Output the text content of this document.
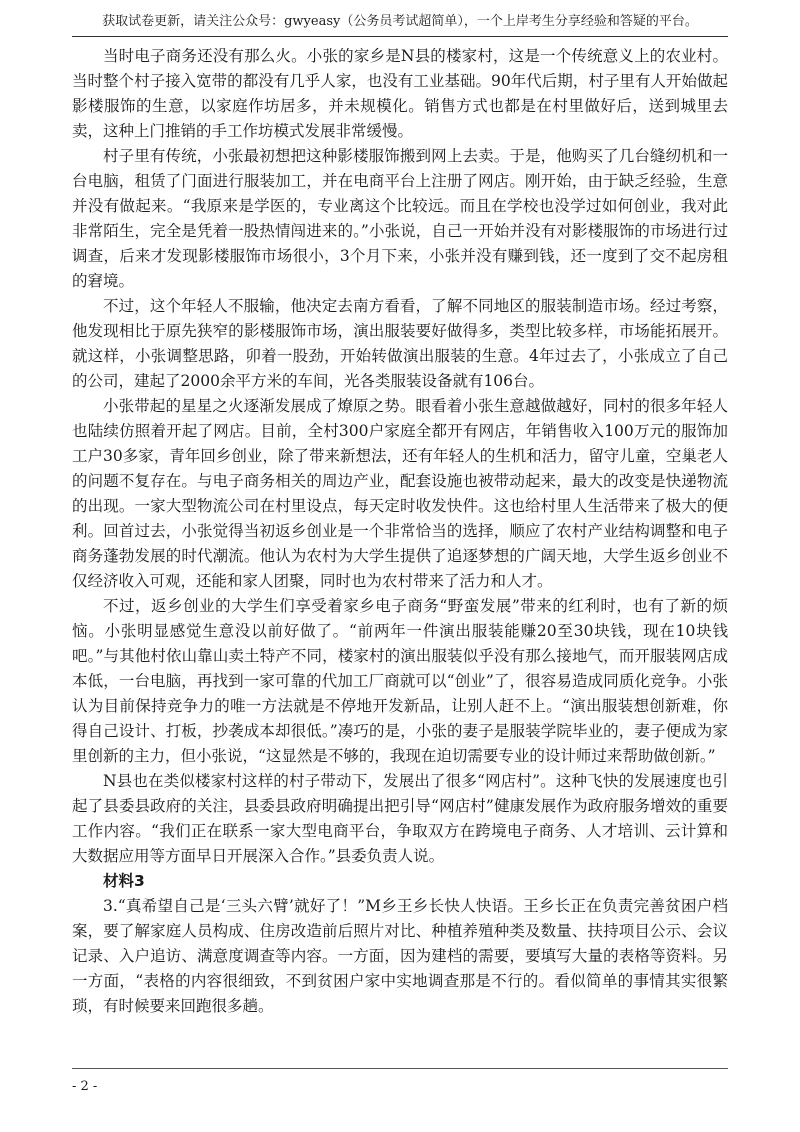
获取试卷更新，请关注公众号：gwyeasy（公务员考试超简单），一个上岸考生分享经验和答疑的平台。

当时电子商务还没有那么火。小张的家乡是N县的楼家村，这是一个传统意义上的农业村。当时整个村子接入宽带的都没有几乎人家，也没有工业基础。90年代后期，村子里有人开始做起影楼服饰的生意，以家庭作坊居多，并未规模化。销售方式也都是在村里做好后，送到城里去卖，这种上门推销的手工作坊模式发展非常缓慢。

村子里有传统，小张最初想把这种影楼服饰搬到网上去卖。于是，他购买了几台缝纫机和一台电脑，租赁了门面进行服装加工，并在电商平台上注册了网店。刚开始，由于缺乏经验，生意并没有做起来。“我原来是学医的，专业离这个比较远。而且在学校也没学过如何创业，我对此非常陌生，完全是凭着一股热情闯进来的。”小张说，自己一开始并没有对影楼服饰的市场进行过调查，后来才发现影楼服饰市场很小，3个月下来，小张并没有赚到钱，还一度到了交不起房租的窘境。

不过，这个年轻人不服输，他决定去南方看看，了解不同地区的服装制造市场。经过考察，他发现相比于原先狭窄的影楼服饰市场，演出服装要好做得多，类型比较多样，市场能拓展开。就这样，小张调整思路，卯着一股劲，开始转做演出服装的生意。4年过去了，小张成立了自己的公司，建起了2000余平方米的车间，光各类服装设备就有106台。

小张带起的星星之火逐渐发展成了燎原之势。眼看着小张生意越做越好，同村的很多年轻人也陆续仿照着开起了网店。目前，全村300户家庭全都开有网店，年销售收入100万元的服饰加工户30多家，青年回乡创业，除了带来新想法，还有年轻人的生机和活力，留守儿童，空巢老人的问题不复存在。与电子商务相关的周边产业，配套设施也被带动起来，最大的改变是快递物流的出现。一家大型物流公司在村里设点，每天定时收发快件。这也给村里人生活带来了极大的便利。回首过去，小张觉得当初返乡创业是一个非常恰当的选择，顺应了农村产业结构调整和电子商务蓬勃发展的时代潮流。他认为农村为大学生提供了追逐梦想的广阔天地，大学生返乡创业不仅经济收入可观，还能和家人团聚，同时也为农村带来了活力和人才。

不过，返乡创业的大学生们享受着家乡电子商务“野蛮发展”带来的红利时，也有了新的烦恼。小张明显感觉生意没以前好做了。“前两年一件演出服装能赚20至30块钱，现在10块钱吧。”与其他村依山靠山卖土特产不同，楼家村的演出服装似乎没有那么接地气，而开服装网店成本低，一台电脑，再找到一家可靠的代加工厂商就可以“创业”了，很容易造成同质化竞争。小张认为目前保持竞争力的唯一方法就是不停地开发新品，让别人赶不上。“演出服装想创新难，你得自己设计、打板，抄袭成本却很低。”凑巧的是，小张的妻子是服装学院毕业的，妻子便成为家里创新的主力，但小张说，“这显然是不够的，我现在迫切需要专业的设计师过来帮助做创新。”

N县也在类似楼家村这样的村子带动下，发展出了很多“网店村”。这种飞快的发展速度也引起了县委县政府的关注，县委县政府明确提出把引导“网店村”健康发展作为政府服务增效的重要工作内容。“我们正在联系一家大型电商平台，争取双方在跨境电子商务、人才培训、云计算和大数据应用等方面早日开展深入合作。”县委负责人说。

材料3

3.“真希望自己是‘三头六臂’就好了！”M乡王乡长快人快语。王乡长正在负责完善贫困户档案，要了解家庭人员构成、住房改造前后照片对比、种植养殖种类及数量、扶持项目公示、会议记录、入户追访、满意度调查等内容。一方面，因为建档的需要，要填写大量的表格等资料。另一方面，“表格的内容很细致，不到贫困户家中实地调查那是不行的。看似简单的事情其实很繁琐，有时候要来回跑很多趟。

- 2 -
